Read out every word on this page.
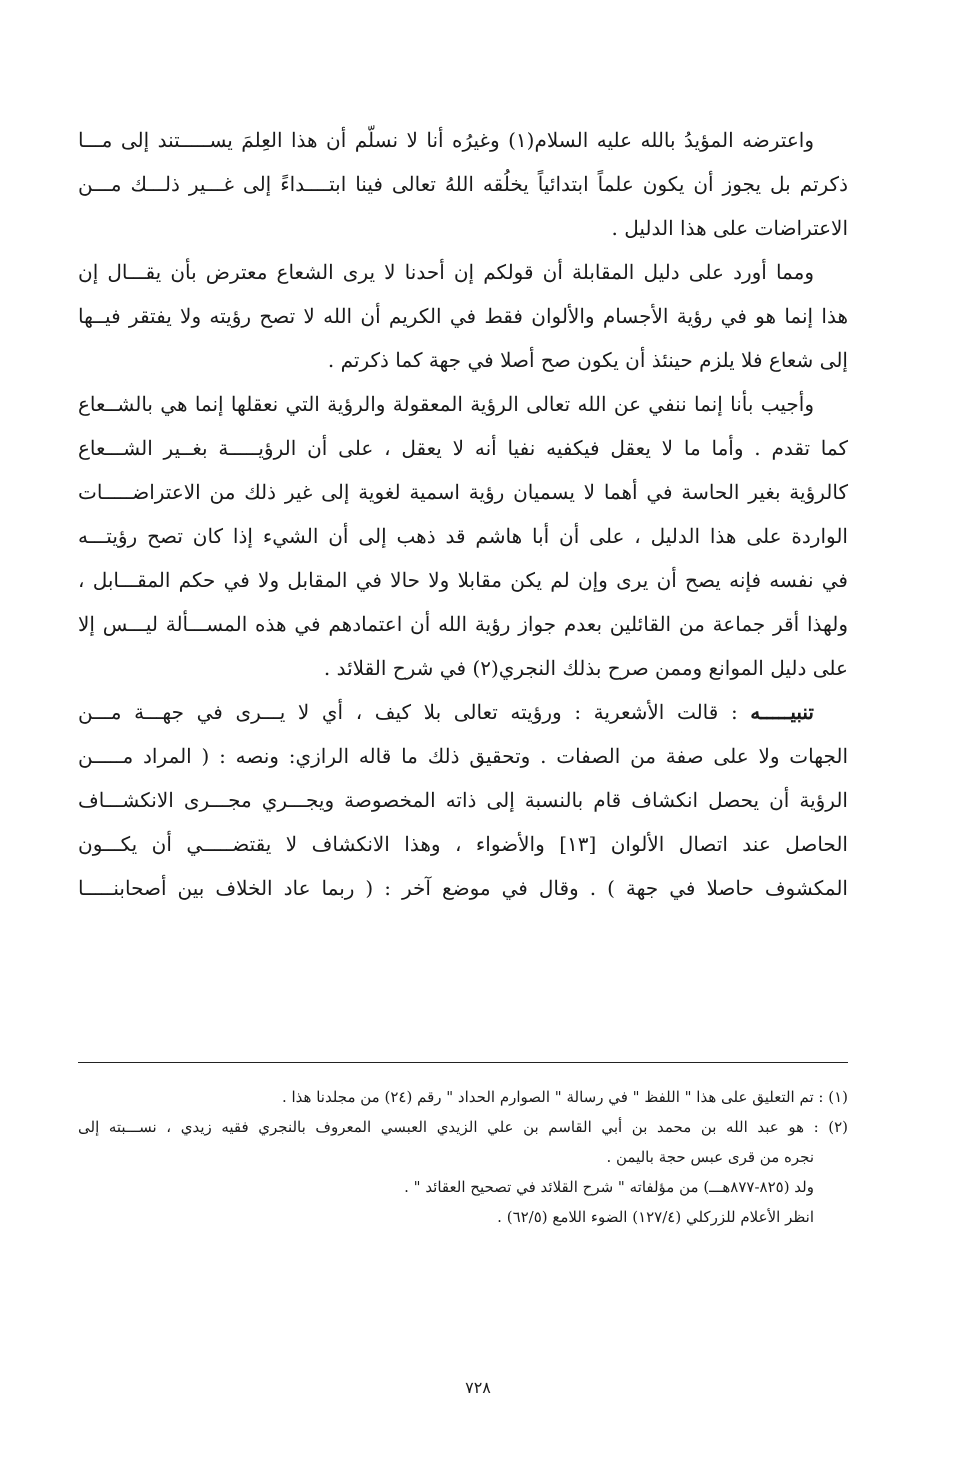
واعترضه المؤيدُ بالله عليه السلام(١) وغيرُه أنا لا نسلّم أن هذا العِلمَ يســـــتند إلى مـــا
ذكرتم بل يجوز أن يكون علماً ابتدائياً يخلُقه اللهُ تعالى فينا ابتــــداءً إلى غـــير ذلـــك مـــن
الاعتراضات على هذا الدليل .

ومما أورد على دليل المقابلة أن قولكم إن أحدنا لا يرى الشعاع معترض بأن يقـــال إن
هذا إنما هو في رؤية الأجسام والألوان فقط في الكريم أن الله لا تصح رؤيته ولا يفتقر فيــها
إلى شعاع فلا يلزم حينئذ أن يكون صح أصلا في جهة كما ذكرتم .

وأجيب بأنا إنما ننفي عن الله تعالى الرؤية المعقولة والرؤية التي نعقلها إنما هي بالشــعاع
كما تقدم . وأما ما لا يعقل فيكفيه نفيا أنه لا يعقل ، على أن الرؤيـــــة بغــير الشـــعاع
كالرؤية بغير الحاسة في أهما لا يسميان رؤية اسمية لغوية إلى غير ذلك من الاعتراضـــــات
الواردة على هذا الدليل ، على أن أبا هاشم قد ذهب إلى أن الشيء إذا كان تصح رؤيتـــه
في نفسه فإنه يصح أن يرى وإن لم يكن مقابلا ولا حالا في المقابل ولا في حكم المقـــابل ،
ولهذا أقر جماعة من القائلين بعدم جواز رؤية الله أن اعتمادهم في هذه المســـألة ليـــس إلا
على دليل الموانع وممن صرح بذلك النجري(٢) في شرح القلائد .

تنبيـــــه : قالت الأشعرية : ورؤيته تعالى بلا كيف ، أي لا يـــرى في جهـــة مـــن
الجهات ولا على صفة من الصفات . وتحقيق ذلك ما قاله الرازي: ونصه : ( المراد مـــــن
الرؤية أن يحصل انكشاف قام بالنسبة إلى ذاته المخصوصة ويجـــري مجـــرى الانكشـــاف
الحاصل عند اتصال الألوان [١٣] والأضواء ، وهذا الانكشاف لا يقتضـــــي أن يكـــون
المكشوف حاصلا في جهة ) . وقال في موضع آخر : ( ربما عاد الخلاف بين أصحابنـــــا

(١) : تم التعليق على هذا " اللفظ " في رسالة " الصوارم الحداد " رقم (٢٤) من مجلدنا هذا .
(٢) : هو عبد الله بن محمد بن أبي القاسم بن علي الزيدي العبسي المعروف بالنجري فقيه زيدي ، نســـبته إلى
نجره من قرى عبس حجة باليمن .
ولد (٨٢٥-٨٧٧هـــ) من مؤلفاته " شرح القلائد في تصحيح العقائد " .
انظر الأعلام للزركلي (١٢٧/٤) الضوء اللامع (٦٢/٥) .
٧٢٨
